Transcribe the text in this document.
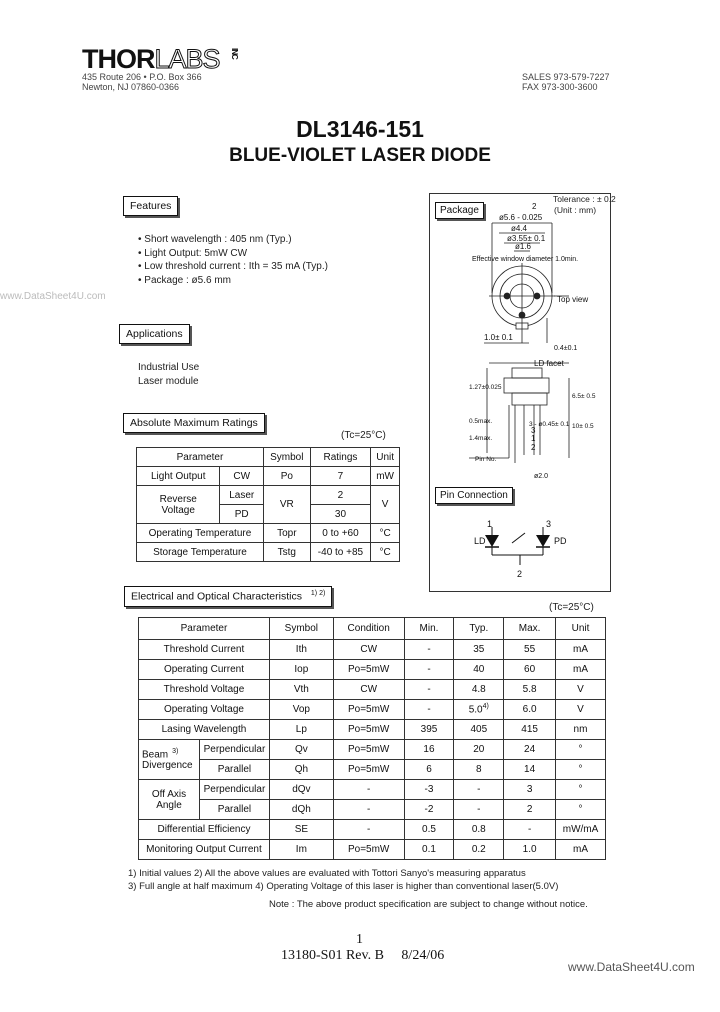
THORLABS INC
435 Route 206 • P.O. Box 366
Newton, NJ 07860-0366
SALES 973-579-7227
FAX 973-300-3600
DL3146-151
BLUE-VIOLET LASER DIODE
www.DataSheet4U.com
Features
• Short wavelength : 405 nm (Typ.)
• Light Output: 5mW CW
• Low threshold current : Ith = 35 mA (Typ.)
• Package : ø5.6 mm
Applications
Industrial Use
Laser module
Absolute Maximum Ratings
(Tc=25°C)
Parameter		Symbol	Ratings	Unit
Light Output	CW	Po	7	mW
Reverse
Voltage	Laser	VR	2	V
	PD		30	
Operating Temperature		Topr	0 to +60	°C
Storage Temperature		Tstg	-40 to +85	°C
Tolerance : ± 0.2
(Unit : mm)
Package	2
ø5.6 - 0.025
ø4.4
ø3.55± 0.1
ø1.6
Effective window diameter 1.0min.
Top view
1.0± 0.1
0.4±0.1
LD facet
1.27±0.025
0.5max.
1.4max.
6.5± 0.5
10± 0.5
3 - ø0.45± 0.1
1
2
3
Pin No.
ø2.0
Pin Connection
1	3
2
LD	PD
Electrical and Optical Characteristics $^{1) 2)}$
(Tc=25°C)
Parameter		Symbol	Condition	Min.	Typ.	Max.	Unit
Threshold Current		Ith	CW	-	35	55	mA
Operating Current		Iop	Po=5mW	-	40	60	mA
Threshold Voltage		Vth	CW	-	4.8	5.8	V
Operating Voltage		Vop	Po=5mW	-	5.0$^{4)}$	6.0	V
Lasing Wavelength		Lp	Po=5mW	395	405	415	nm
Beam $^{3)}$
Divergence	Perpendicular	Qv	Po=5mW	16	20	24	°
	Parallel	Qh	Po=5mW	6	8	14	°
Off Axis
Angle	Perpendicular	dQv	-	-3	-	3	°
	Parallel	dQh	-	-2	-	2	°
Differential Efficiency		SE	-	0.5	0.8	-	mW/mA
Monitoring Output Current		Im	Po=5mW	0.1	0.2	1.0	mA
1) Initial values 2) All the above values are evaluated with Tottori Sanyo's measuring apparatus
3) Full angle at half maximum 4) Operating Voltage of this laser is higher than conventional laser(5.0V)
Note : The above product specification are subject to change without notice.
1
13180-S01 Rev. B     8/24/06
www.DataSheet4U.com
